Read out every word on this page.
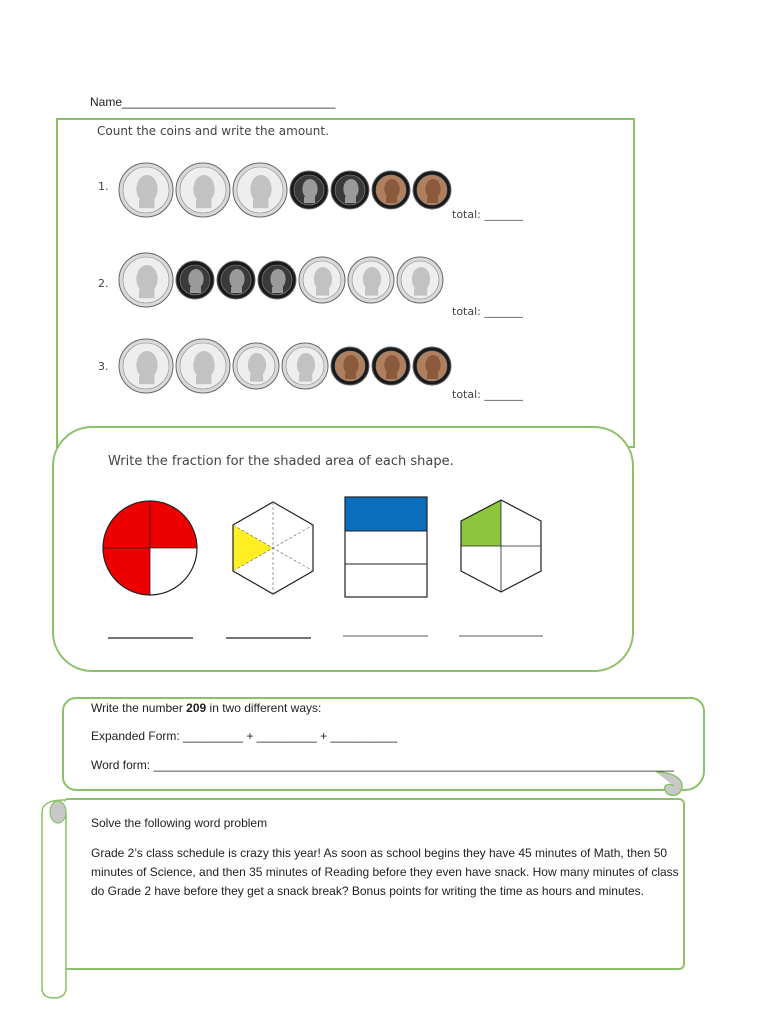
Name________________________________
Count the coins and write the amount.
1.
total: _______
2.
total: _______
3.
total: _______
Write the fraction for the shaded area of each shape.
Write the number 209 in two different ways:
Expanded Form: _________ + _________ + __________
Word form: ______________________________________________________________________________
Solve the following word problem
Grade 2’s class schedule is crazy this year! As soon as school begins they have 45 minutes of Math, then 50 minutes of Science, and then 35 minutes of Reading before they even have snack. How many minutes of class do Grade 2 have before they get a snack break? Bonus points for writing the time as hours and minutes.
